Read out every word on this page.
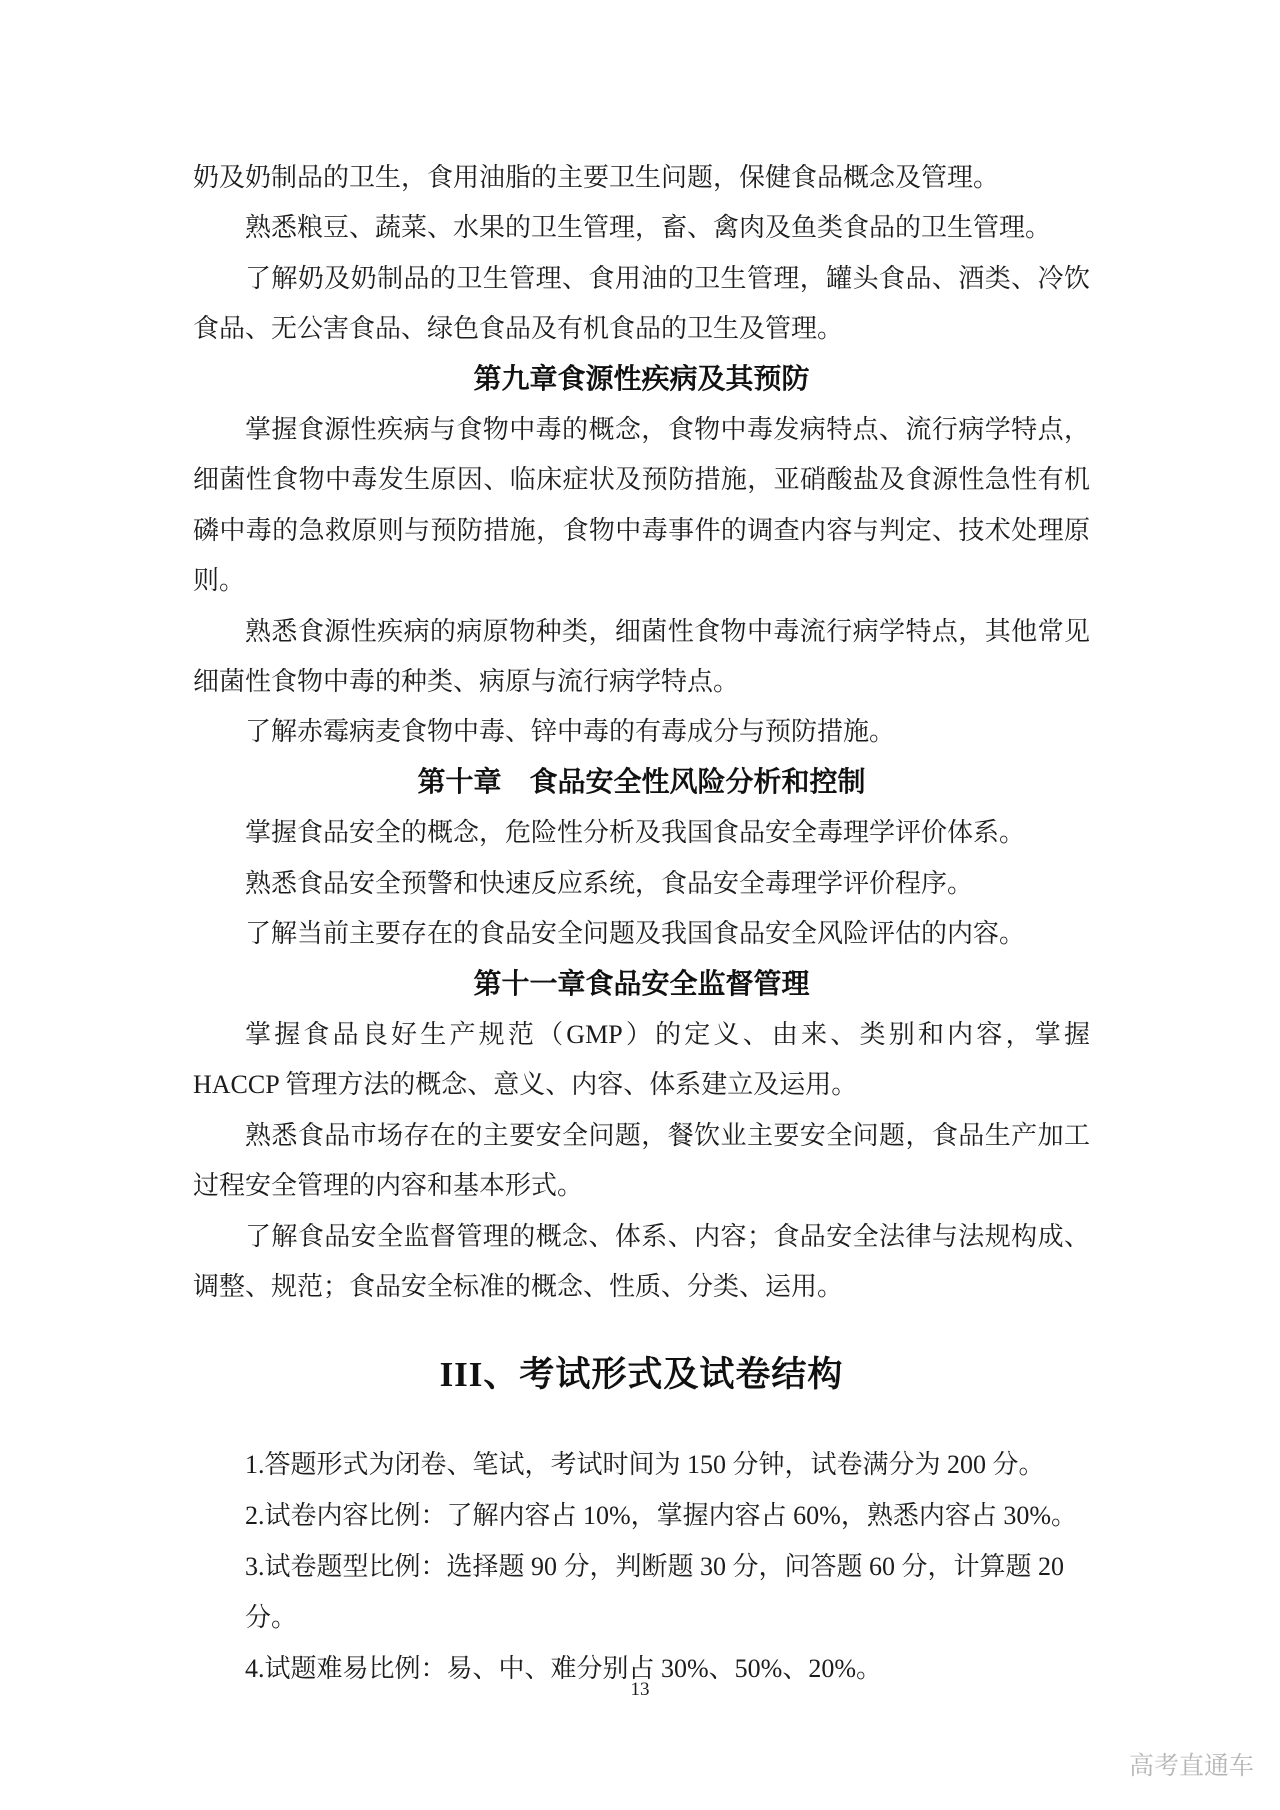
奶及奶制品的卫生，食用油脂的主要卫生问题，保健食品概念及管理。

熟悉粮豆、蔬菜、水果的卫生管理，畜、禽肉及鱼类食品的卫生管理。

了解奶及奶制品的卫生管理、食用油的卫生管理，罐头食品、酒类、冷饮食品、无公害食品、绿色食品及有机食品的卫生及管理。

第九章食源性疾病及其预防

掌握食源性疾病与食物中毒的概念，食物中毒发病特点、流行病学特点，细菌性食物中毒发生原因、临床症状及预防措施，亚硝酸盐及食源性急性有机磷中毒的急救原则与预防措施，食物中毒事件的调查内容与判定、技术处理原则。

熟悉食源性疾病的病原物种类，细菌性食物中毒流行病学特点，其他常见细菌性食物中毒的种类、病原与流行病学特点。

了解赤霉病麦食物中毒、锌中毒的有毒成分与预防措施。

第十章　食品安全性风险分析和控制

掌握食品安全的概念，危险性分析及我国食品安全毒理学评价体系。

熟悉食品安全预警和快速反应系统，食品安全毒理学评价程序。

了解当前主要存在的食品安全问题及我国食品安全风险评估的内容。

第十一章食品安全监督管理

掌握食品良好生产规范（GMP）的定义、由来、类别和内容，掌握 HACCP 管理方法的概念、意义、内容、体系建立及运用。

熟悉食品市场存在的主要安全问题，餐饮业主要安全问题，食品生产加工过程安全管理的内容和基本形式。

了解食品安全监督管理的概念、体系、内容；食品安全法律与法规构成、调整、规范；食品安全标准的概念、性质、分类、运用。

III、考试形式及试卷结构

1.答题形式为闭卷、笔试，考试时间为 150 分钟，试卷满分为 200 分。

2.试卷内容比例：了解内容占 10%，掌握内容占 60%，熟悉内容占 30%。

3.试卷题型比例：选择题 90 分，判断题 30 分，问答题 60 分，计算题 20 分。

4.试题难易比例：易、中、难分别占 30%、50%、20%。

13
高考直通车
